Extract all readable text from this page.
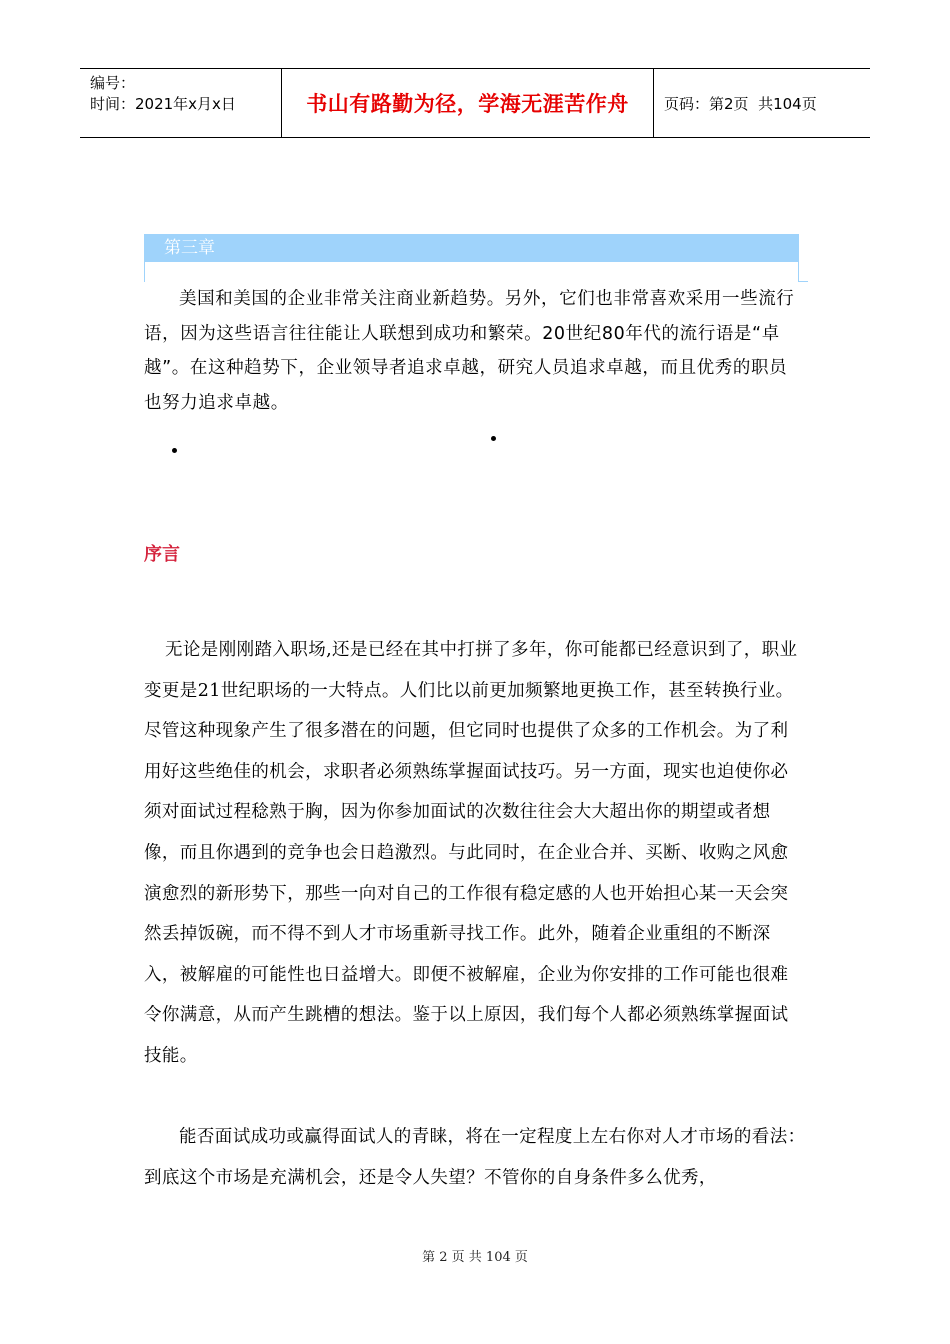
编号：
时间：2021年x月x日	书山有路勤为径，学海无涯苦作舟 页码：第2页  共104页
第三章

美国和美国的企业非常关注商业新趋势。另外，它们也非常喜欢采用一些流行语，因为这些语言往往能让人联想到成功和繁荣。20世纪80年代的流行语是“卓越”。在这种趋势下，企业领导者追求卓越，研究人员追求卓越，而且优秀的职员也努力追求卓越。

序言

无论是刚刚踏入职场,还是已经在其中打拼了多年，你可能都已经意识到了，职业变更是21世纪职场的一大特点。人们比以前更加频繁地更换工作，甚至转换行业。尽管这种现象产生了很多潜在的问题，但它同时也提供了众多的工作机会。为了利用好这些绝佳的机会，求职者必须熟练掌握面试技巧。另一方面，现实也迫使你必须对面试过程稔熟于胸，因为你参加面试的次数往往会大大超出你的期望或者想像，而且你遇到的竞争也会日趋激烈。与此同时，在企业合并、买断、收购之风愈演愈烈的新形势下，那些一向对自己的工作很有稳定感的人也开始担心某一天会突然丢掉饭碗，而不得不到人才市场重新寻找工作。此外，随着企业重组的不断深入，被解雇的可能性也日益增大。即便不被解雇，企业为你安排的工作可能也很难令你满意，从而产生跳槽的想法。鉴于以上原因，我们每个人都必须熟练掌握面试技能。

能否面试成功或赢得面试人的青睐，将在一定程度上左右你对人才市场的看法：到底这个市场是充满机会，还是令人失望？不管你的自身条件多么优秀，

第 2 页 共 104 页
